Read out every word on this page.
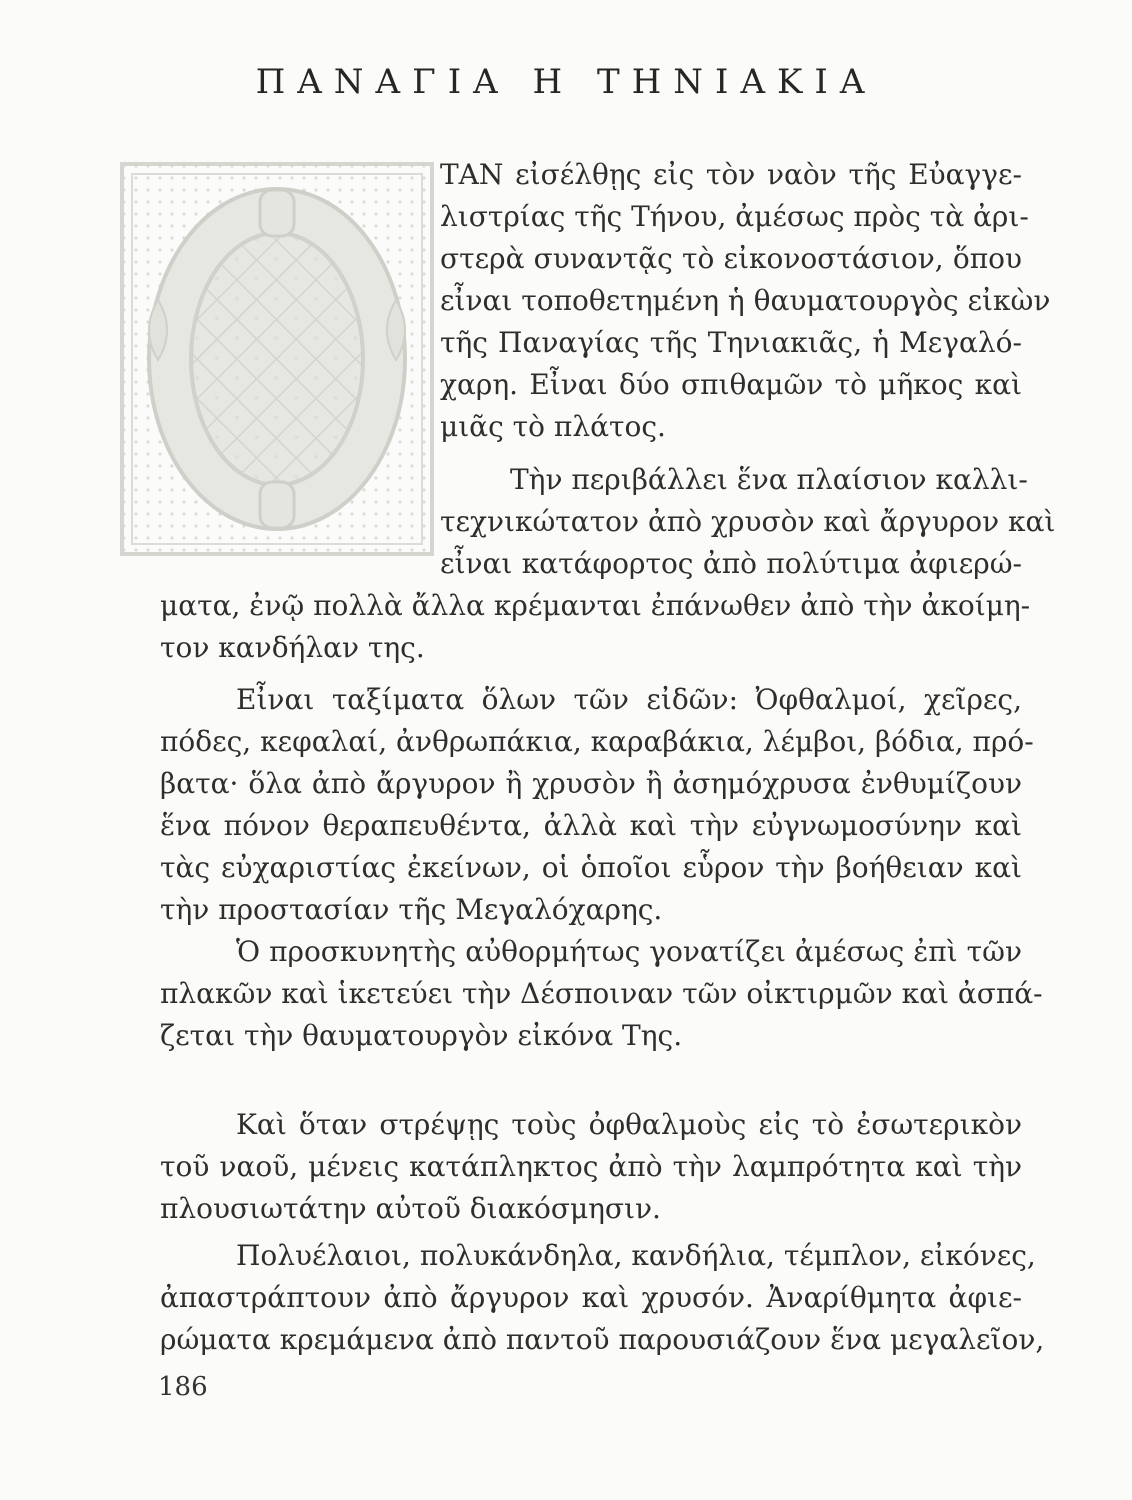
ΠΑΝΑΓΙΑ Η ΤΗΝΙΑΚΙΑ
ΤΑΝ εἰσέλθῃς εἰς τὸν ναὸν τῆς Εὐαγγε-
λιστρίας τῆς Τήνου, ἀμέσως πρὸς τὰ ἀρι-
στερὰ συναντᾷς τὸ εἰκονοστάσιον, ὅπου
εἶναι τοποθετημένη ἡ θαυματουργὸς εἰκὼν
τῆς Παναγίας τῆς Τηνιακιᾶς, ἡ Μεγαλό-
χαρη. Εἶναι δύο σπιθαμῶν τὸ μῆκος καὶ
μιᾶς τὸ πλάτος.
Τὴν περιβάλλει ἕνα πλαίσιον καλλι-
τεχνικώτατον ἀπὸ χρυσὸν καὶ ἄργυρον καὶ
εἶναι κατάφορτος ἀπὸ πολύτιμα ἀφιερώ-
ματα, ἐνῷ πολλὰ ἄλλα κρέμανται ἐπάνωθεν ἀπὸ τὴν ἀκοίμη-
τον κανδήλαν της.
Εἶναι ταξίματα ὅλων τῶν εἰδῶν: Ὀφθαλμοί, χεῖρες,
πόδες, κεφαλαί, ἀνθρωπάκια, καραβάκια, λέμβοι, βόδια, πρό-
βατα· ὅλα ἀπὸ ἄργυρον ἢ χρυσὸν ἢ ἀσημόχρυσα ἐνθυμίζουν
ἕνα πόνον θεραπευθέντα, ἀλλὰ καὶ τὴν εὐγνωμοσύνην καὶ
τὰς εὐχαριστίας ἐκείνων, οἱ ὁποῖοι εὗρον τὴν βοήθειαν καὶ
τὴν προστασίαν τῆς Μεγαλόχαρης.
Ὁ προσκυνητὴς αὐθορμήτως γονατίζει ἀμέσως ἐπὶ τῶν
πλακῶν καὶ ἱκετεύει τὴν Δέσποιναν τῶν οἰκτιρμῶν καὶ ἀσπά-
ζεται τὴν θαυματουργὸν εἰκόνα Της.
Καὶ ὅταν στρέψῃς τοὺς ὀφθαλμοὺς εἰς τὸ ἐσωτερικὸν
τοῦ ναοῦ, μένεις κατάπληκτος ἀπὸ τὴν λαμπρότητα καὶ τὴν
πλουσιωτάτην αὐτοῦ διακόσμησιν.
Πολυέλαιοι, πολυκάνδηλα, κανδήλια, τέμπλον, εἰκόνες,
ἀπαστράπτουν ἀπὸ ἄργυρον καὶ χρυσόν. Ἀναρίθμητα ἀφιε-
ρώματα κρεμάμενα ἀπὸ παντοῦ παρουσιάζουν ἕνα μεγαλεῖον,
186
